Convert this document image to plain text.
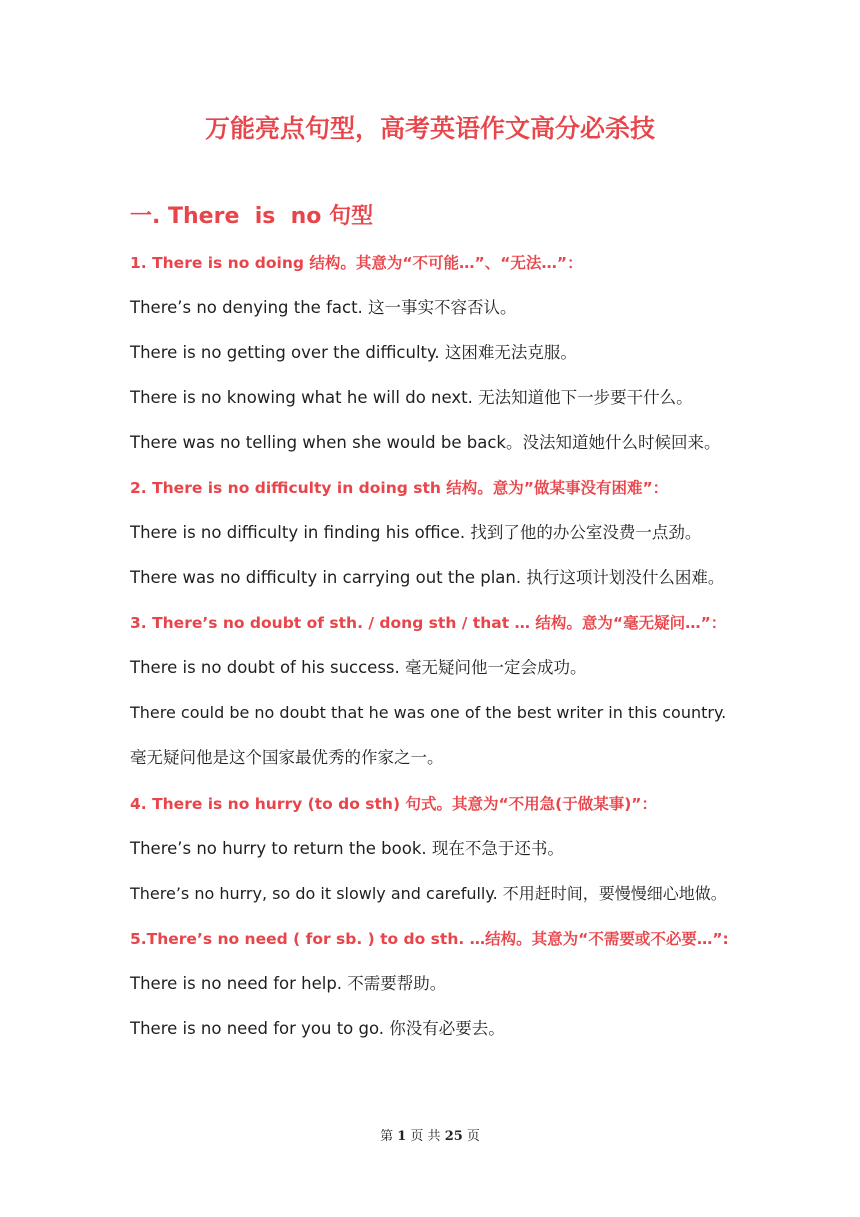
万能亮点句型，高考英语作文高分必杀技
一. There  is  no 句型

1. There is no doing 结构。其意为“不可能…”、“无法…”：

There’s no denying the fact. 这一事实不容否认。

There is no getting over the difficulty. 这困难无法克服。

There is no knowing what he will do next. 无法知道他下一步要干什么。

There was no telling when she would be back。没法知道她什么时候回来。

2. There is no difficulty in doing sth 结构。意为”做某事没有困难”：

There is no difficulty in finding his office. 找到了他的办公室没费一点劲。

There was no difficulty in carrying out the plan. 执行这项计划没什么困难。

3. There’s no doubt of sth. / dong sth / that … 结构。意为“毫无疑问…”：

There is no doubt of his success. 毫无疑问他一定会成功。

There could be no doubt that he was one of the best writer in this country.

毫无疑问他是这个国家最优秀的作家之一。

4. There is no hurry (to do sth) 句式。其意为“不用急(于做某事)”：

There’s no hurry to return the book. 现在不急于还书。

There’s no hurry, so do it slowly and carefully. 不用赶时间，要慢慢细心地做。

5.There’s no need ( for sb. ) to do sth. …结构。其意为“不需要或不必要…”:

There is no need for help. 不需要帮助。

There is no need for you to go. 你没有必要去。

第 1 页 共 25 页
